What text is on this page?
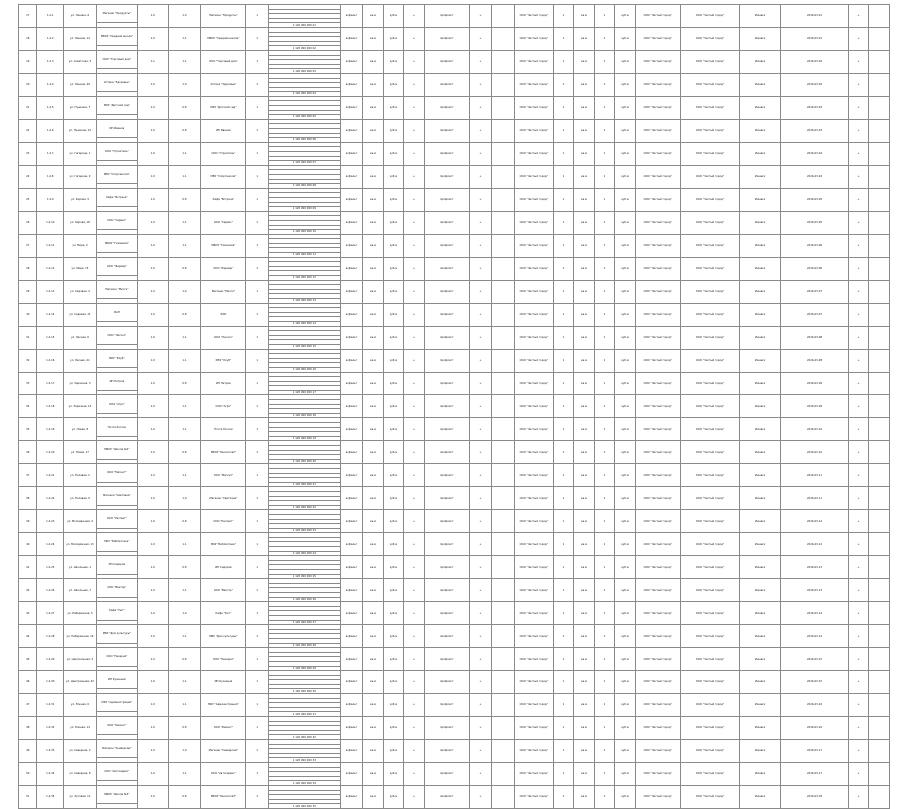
17	1.4.1	ул. Ленина, 6	Магазин "Продукты"	1,0	1,0	Магазин "Продукты"	1		асфальт	кв.м	куб.м	+	профлист	+		ООО "Чистый город"	1	кв.м	1	куб.м	ООО "Чистый город"	ООО "Чистый город"	Ижевск	2016-03-01	+	

								1 120 000 000 01																		
18	1.4.2	ул. Ленина, 14	МБОУ "Средняя школа"	1,0	1,1	МБОУ "Средняя школа"	1		асфальт	кв.м	куб.м	+	профлист	+		ООО "Чистый город"	1	кв.м	1	куб.м	ООО "Чистый город"	ООО "Чистый город"	Ижевск	2016-03-01	+	

								1 120 000 000 02																		
19	1.4.3	ул. Советская, 3	ООО "Торговый дом"	1,1	1,1	ООО "Торговый дом"	1		асфальт	кв.м	куб.м	+	профлист	+		ООО "Чистый город"	1	кв.м	1	куб.м	ООО "Чистый город"	ООО "Чистый город"	Ижевск	2016-03-02	+	

								1 120 000 000 03																		
20	1.4.4	ул. Ленина, 20	Аптека "Здоровье"	1,0	1,0	Аптека "Здоровье"	1		асфальт	кв.м	куб.м	+	профлист	+		ООО "Чистый город"	1	кв.м	1	куб.м	ООО "Чистый город"	ООО "Чистый город"	Ижевск	2016-03-02	+	

								1 120 000 000 04																		
21	1.4.5	ул. Пушкина, 7	МКУ "Детский сад"	1,0	0,8	МКУ "Детский сад"	1		асфальт	кв.м	куб.м	+	профлист	+		ООО "Чистый город"	1	кв.м	1	куб.м	ООО "Чистый город"	ООО "Чистый город"	Ижевск	2016-03-03	+	

								1 120 000 000 05																		
22	1.4.6	ул. Пушкина, 12	ИП Иванов	1,0	0,8	ИП Иванов	1		асфальт	кв.м	куб.м	+	профлист	+		ООО "Чистый город"	1	кв.м	1	куб.м	ООО "Чистый город"	ООО "Чистый город"	Ижевск	2016-03-03	+	

								1 120 000 000 06																		
23	1.4.7	ул. Гагарина, 1	ООО "Строитель"	1,0	1,1	ООО "Строитель"	1		асфальт	кв.м	куб.м	+	профлист	+		ООО "Чистый город"	1	кв.м	1	куб.м	ООО "Чистый город"	ООО "Чистый город"	Ижевск	2016-03-04	+	

								1 120 000 000 07																		
24	1.4.8	ул. Гагарина, 9	МБУ "Спортшкола"	1,0	1,1	МБУ "Спортшкола"	1		асфальт	кв.м	куб.м	+	профлист	+		ООО "Чистый город"	1	кв.м	1	куб.м	ООО "Чистый город"	ООО "Чистый город"	Ижевск	2016-03-04	+	

								1 120 000 000 08																		
25	1.4.9	ул. Кирова, 5	Кафе "Встреча"	1,0	0,8	Кафе "Встреча"	1		асфальт	кв.м	куб.м	+	профлист	+		ООО "Чистый город"	1	кв.м	1	куб.м	ООО "Чистый город"	ООО "Чистый город"	Ижевск	2016-03-05	+	

								1 120 000 000 09																		
26	1.4.10	ул. Кирова, 18	ООО "Сервис"	1,0	1,1	ООО "Сервис"	1		асфальт	кв.м	куб.м	+	профлист	+		ООО "Чистый город"	1	кв.м	1	куб.м	ООО "Чистый город"	ООО "Чистый город"	Ижевск	2016-03-05	+	

								1 120 000 000 10																		
27	1.4.11	ул. Мира, 2	МБОУ "Гимназия"	1,0	1,1	МБОУ "Гимназия"	1		асфальт	кв.м	куб.м	+	профлист	+		ООО "Чистый город"	1	кв.м	1	куб.м	ООО "Чистый город"	ООО "Чистый город"	Ижевск	2016-03-06	+	

								1 120 000 000 11																		
28	1.4.12	ул. Мира, 15	ООО "Фермер"	1,0	0,8	ООО "Фермер"	1		асфальт	кв.м	куб.м	+	профлист	+		ООО "Чистый город"	1	кв.м	1	куб.м	ООО "Чистый город"	ООО "Чистый город"	Ижевск	2016-03-06	+	

								1 120 000 000 12																		
29	1.4.13	ул. Садовая, 4	Магазин "Мечта"	1,0	1,0	Магазин "Мечта"	1		асфальт	кв.м	куб.м	+	профлист	+		ООО "Чистый город"	1	кв.м	1	куб.м	ООО "Чистый город"	ООО "Чистый город"	Ижевск	2016-03-07	+	

								1 120 000 000 13																		
30	1.4.14	ул. Садовая, 11	ФАП	1,0	0,8	ФАП	1		асфальт	кв.м	куб.м	+	профлист	+		ООО "Чистый город"	1	кв.м	1	куб.м	ООО "Чистый город"	ООО "Чистый город"	Ижевск	2016-03-07	+	

								1 120 000 000 14																		
31	1.4.15	ул. Лесная, 6	ООО "Лесхоз"	1,0	1,1	ООО "Лесхоз"	1		асфальт	кв.м	куб.м	+	профлист	+		ООО "Чистый город"	1	кв.м	1	куб.м	ООО "Чистый город"	ООО "Чистый город"	Ижевск	2016-03-08	+	

								1 120 000 000 15																		
32	1.4.16	ул. Лесная, 21	МКУ "Клуб"	1,0	1,1	МКУ "Клуб"	1		асфальт	кв.м	куб.м	+	профлист	+		ООО "Чистый город"	1	кв.м	1	куб.м	ООО "Чистый город"	ООО "Чистый город"	Ижевск	2016-03-08	+	

								1 120 000 000 16																		
33	1.4.17	ул. Заречная, 3	ИП Петров	1,0	0,8	ИП Петров	1		асфальт	кв.м	куб.м	+	профлист	+		ООО "Чистый город"	1	кв.м	1	куб.м	ООО "Чистый город"	ООО "Чистый город"	Ижевск	2016-03-09	+	

								1 120 000 000 17																		
34	1.4.18	ул. Заречная, 10	ООО "Агро"	1,0	1,1	ООО "Агро"	1		асфальт	кв.м	куб.м	+	профлист	+		ООО "Чистый город"	1	кв.м	1	куб.м	ООО "Чистый город"	ООО "Чистый город"	Ижевск	2016-03-09	+	

								1 120 000 000 18																		
35	1.4.19	ул. Новая, 8	Почта России	1,0	1,1	Почта России	1		асфальт	кв.м	куб.м	+	профлист	+		ООО "Чистый город"	1	кв.м	1	куб.м	ООО "Чистый город"	ООО "Чистый город"	Ижевск	2016-03-10	+	

								1 120 000 000 19																		
36	1.4.20	ул. Новая, 17	МБОУ "Школа №2"	1,0	0,8	МБОУ "Школа №2"	1		асфальт	кв.м	куб.м	+	профлист	+		ООО "Чистый город"	1	кв.м	1	куб.м	ООО "Чистый город"	ООО "Чистый город"	Ижевск	2016-03-10	+	

								1 120 000 000 20																		
37	1.4.21	ул. Полевая, 2	ООО "Магнит"	1,0	1,1	ООО "Магнит"	1		асфальт	кв.м	куб.м	+	профлист	+		ООО "Чистый город"	1	кв.м	1	куб.м	ООО "Чистый город"	ООО "Чистый город"	Ижевск	2016-03-11	+	

								1 120 000 000 21																		
38	1.4.22	ул. Полевая, 9	Магазин "Светлана"	1,0	1,0	Магазин "Светлана"	1		асфальт	кв.м	куб.м	+	профлист	+		ООО "Чистый город"	1	кв.м	1	куб.м	ООО "Чистый город"	ООО "Чистый город"	Ижевск	2016-03-11	+	

								1 120 000 000 22																		
39	1.4.23	ул. Молодёжная, 4	ООО "Рассвет"	1,0	0,8	ООО "Рассвет"	1		асфальт	кв.м	куб.м	+	профлист	+		ООО "Чистый город"	1	кв.м	1	куб.м	ООО "Чистый город"	ООО "Чистый город"	Ижевск	2016-03-12	+	

								1 120 000 000 23																		
40	1.4.24	ул. Молодёжная, 13	МКУ "Библиотека"	1,0	1,1	МКУ "Библиотека"	1		асфальт	кв.м	куб.м	+	профлист	+		ООО "Чистый город"	1	кв.м	1	куб.м	ООО "Чистый город"	ООО "Чистый город"	Ижевск	2016-03-12	+	

								1 120 000 000 24																		
41	1.4.25	ул. Школьная, 1	ИП Сидоров	1,0	0,8	ИП Сидоров	1		асфальт	кв.м	куб.м	+	профлист	+		ООО "Чистый город"	1	кв.м	1	куб.м	ООО "Чистый город"	ООО "Чистый город"	Ижевск	2016-03-13	+	

								1 120 000 000 25																		
42	1.4.26	ул. Школьная, 7	ООО "Вектор"	1,0	1,1	ООО "Вектор"	1		асфальт	кв.м	куб.м	+	профлист	+		ООО "Чистый город"	1	кв.м	1	куб.м	ООО "Чистый город"	ООО "Чистый город"	Ижевск	2016-03-13	+	

								1 120 000 000 26																		
43	1.4.27	ул. Набережная, 5	Кафе "Уют"	1,0	1,0	Кафе "Уют"	1		асфальт	кв.м	куб.м	+	профлист	+		ООО "Чистый город"	1	кв.м	1	куб.м	ООО "Чистый город"	ООО "Чистый город"	Ижевск	2016-03-14	+	

								1 120 000 000 27																		
44	1.4.28	ул. Набережная, 16	МБУ "Дом культуры"	1,0	1,1	МБУ "Дом культуры"	1		асфальт	кв.м	куб.м	+	профлист	+		ООО "Чистый город"	1	кв.м	1	куб.м	ООО "Чистый город"	ООО "Чистый город"	Ижевск	2016-03-14	+	

								1 120 000 000 28																		
45	1.4.29	ул. Центральная, 3	ООО "Пекарня"	1,0	0,8	ООО "Пекарня"	1		асфальт	кв.м	куб.м	+	профлист	+		ООО "Чистый город"	1	кв.м	1	куб.м	ООО "Чистый город"	ООО "Чистый город"	Ижевск	2016-03-15	+	

								1 120 000 000 29																		
46	1.4.30	ул. Центральная, 22	ИП Кузнецов	1,0	1,1	ИП Кузнецов	1		асфальт	кв.м	куб.м	+	профлист	+		ООО "Чистый город"	1	кв.м	1	куб.м	ООО "Чистый город"	ООО "Чистый город"	Ижевск	2016-03-15	+	

								1 120 000 000 30																		
47	1.4.31	ул. Южная, 6	МКУ "Администрация"	1,0	1,1	МКУ "Администрация"	1		асфальт	кв.м	куб.м	+	профлист	+		ООО "Чистый город"	1	кв.м	1	куб.м	ООО "Чистый город"	ООО "Чистый город"	Ижевск	2016-03-16	+	

								1 120 000 000 31																		
48	1.4.32	ул. Южная, 14	ООО "Ремонт"	1,0	0,8	ООО "Ремонт"	1		асфальт	кв.м	куб.м	+	профлист	+		ООО "Чистый город"	1	кв.м	1	куб.м	ООО "Чистый город"	ООО "Чистый город"	Ижевск	2016-03-16	+	

								1 120 000 000 32																		
49	1.4.33	ул. Северная, 2	Магазин "Универсам"	1,0	1,0	Магазин "Универсам"	1		асфальт	кв.м	куб.м	+	профлист	+		ООО "Чистый город"	1	кв.м	1	куб.м	ООО "Чистый город"	ООО "Чистый город"	Ижевск	2016-03-17	+	

								1 120 000 000 33																		
50	1.4.34	ул. Северная, 8	ООО "Автосервис"	1,0	1,1	ООО "Автосервис"	1		асфальт	кв.м	куб.м	+	профлист	+		ООО "Чистый город"	1	кв.м	1	куб.м	ООО "Чистый город"	ООО "Чистый город"	Ижевск	2016-03-17	+	

								1 120 000 000 34																		
51	1.4.35	ул. Луговая, 11	МБОУ "Школа №3"	1,0	0,8	МБОУ "Школа №3"	1		асфальт	кв.м	куб.м	+	профлист	+		ООО "Чистый город"	1	кв.м	1	куб.м	ООО "Чистый город"	ООО "Чистый город"	Ижевск	2016-03-18	+	

								1 120 000 000 35																		
